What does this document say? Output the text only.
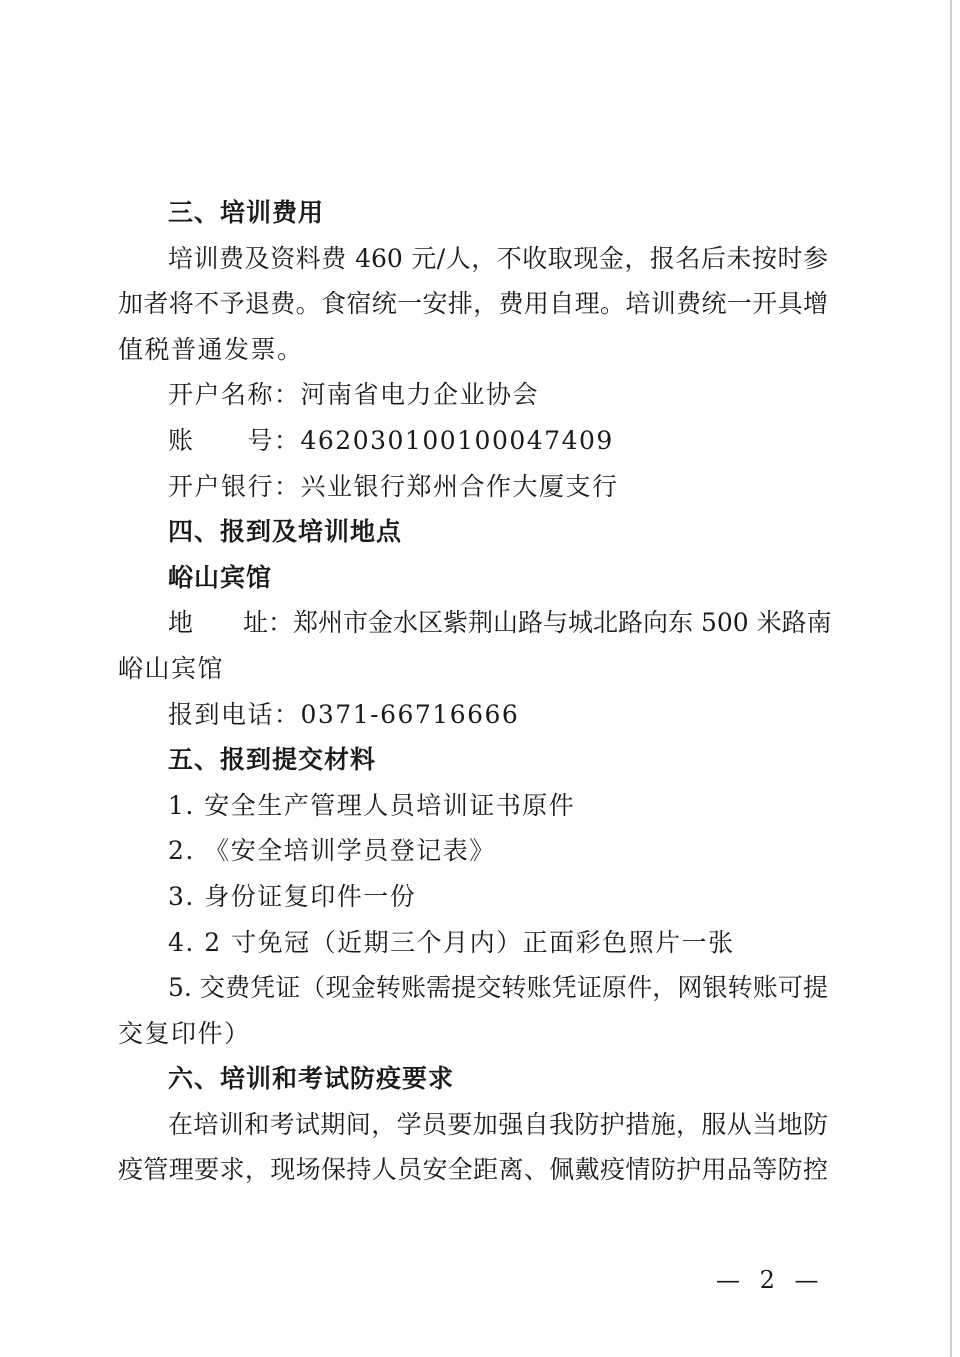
三、培训费用
培训费及资料费 460 元/人，不收取现金，报名后未按时参
加者将不予退费。食宿统一安排，费用自理。培训费统一开具增
值税普通发票。
开户名称：河南省电力企业协会
账　　号：462030100100047409
开户银行：兴业银行郑州合作大厦支行
四、报到及培训地点
峪山宾馆
地　　址：郑州市金水区紫荆山路与城北路向东 500 米路南
峪山宾馆
报到电话：0371-66716666
五、报到提交材料
1. 安全生产管理人员培训证书原件
2. 《安全培训学员登记表》
3. 身份证复印件一份
4. 2 寸免冠（近期三个月内）正面彩色照片一张
5. 交费凭证（现金转账需提交转账凭证原件，网银转账可提
交复印件）
六、培训和考试防疫要求
在培训和考试期间，学员要加强自我防护措施，服从当地防
疫管理要求，现场保持人员安全距离、佩戴疫情防护用品等防控
— 2 —
